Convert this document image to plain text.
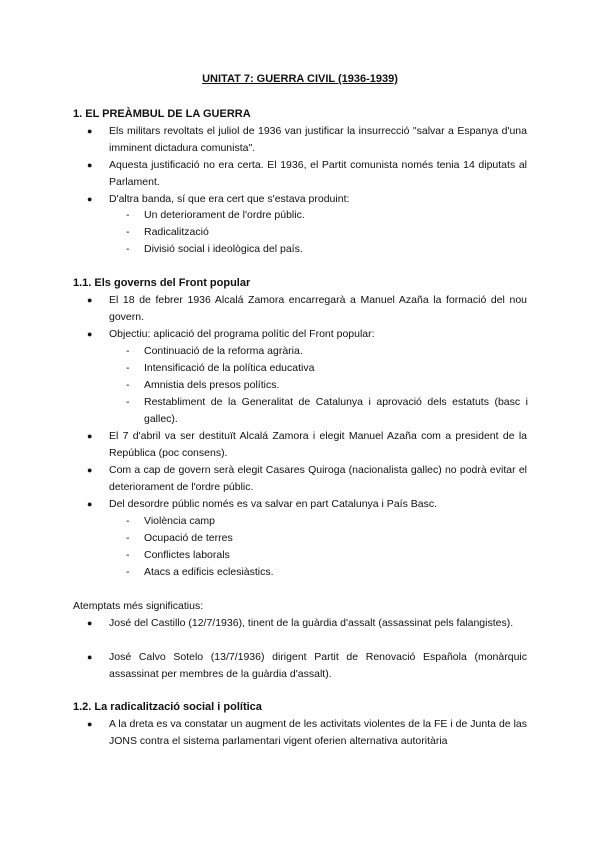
UNITAT 7: GUERRA CIVIL (1936-1939)
1. EL PREÀMBUL DE LA GUERRA
● Els militars revoltats el juliol de 1936 van justificar la insurrecció "salvar a Espanya d'una imminent dictadura comunista".
● Aquesta justificació no era certa. El 1936, el Partit comunista només tenia 14 diputats al Parlament.
● D'altra banda, sí que era cert que s'estava produint:
- Un deteriorament de l'ordre públic.
- Radicalització
- Divisió social i ideològica del país.
1.1. Els governs del Front popular
● El 18 de febrer 1936 Alcalá Zamora encarregarà a Manuel Azaña la formació del nou govern.
● Objectiu: aplicació del programa polític del Front popular:
- Continuació de la reforma agrària.
- Intensificació de la política educativa
- Amnistia dels presos polítics.
- Restabliment de la Generalitat de Catalunya i aprovació dels estatuts (basc i gallec).
● El 7 d'abril va ser destituït Alcalá Zamora i elegit Manuel Azaña com a president de la República (poc consens).
● Com a cap de govern serà elegit Casares Quiroga (nacionalista gallec) no podrà evitar el deteriorament de l'ordre públic.
● Del desordre públic només es va salvar en part Catalunya i País Basc.
- Violència camp
- Ocupació de terres
- Conflictes laborals
- Atacs a edificis eclesiàstics.
Atemptats més significatius:
● José del Castillo (12/7/1936), tinent de la guàrdia d'assalt (assassinat pels falangistes).
● José Calvo Sotelo (13/7/1936) dirigent Partit de Renovació Española (monàrquic assassinat per membres de la guàrdia d'assalt).
1.2. La radicalització social i política
● A la dreta es va constatar un augment de les activitats violentes de la FE i de Junta de las JONS contra el sistema parlamentari vigent oferien alternativa autoritària
